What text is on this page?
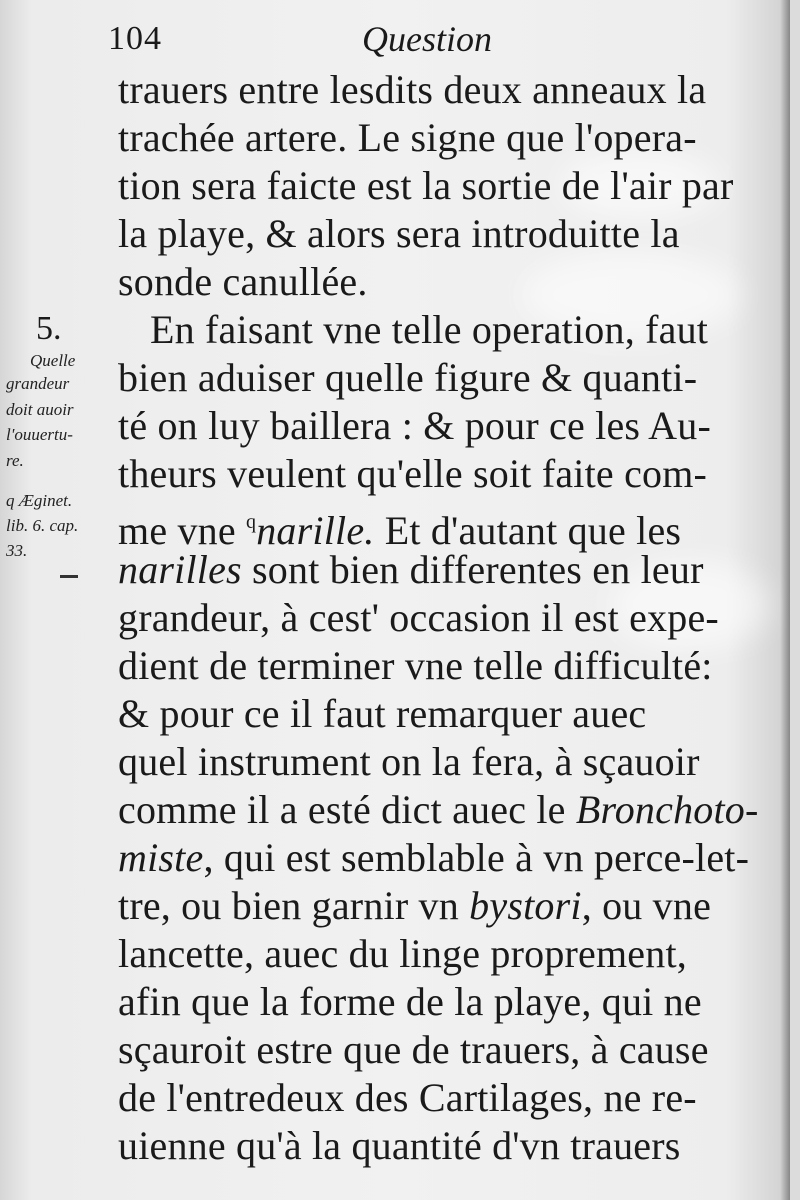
104	Question
5.
Quelle
grandeur
doit auoir
l'ouuertu-
re.
q Æginet.
lib. 6. cap.
33.
trauers entre lesdits deux anneaux la
trachée artere. Le signe que l'opera-
tion sera faicte est la sortie de l'air par
la playe, & alors sera introduitte la
sonde canullée.
En faisant vne telle operation, faut
bien aduiser quelle figure & quanti-
té on luy baillera : & pour ce les Au-
theurs veulent qu'elle soit faite com-
me vne $^q$narille. Et d'autant que les
narilles sont bien differentes en leur
grandeur, à cest' occasion il est expe-
dient de terminer vne telle difficulté:
& pour ce il faut remarquer auec
quel instrument on la fera, à sçauoir
comme il a esté dict auec le Bronchoto-
miste, qui est semblable à vn perce-let-
tre, ou bien garnir vn bystori, ou vne
lancette, auec du linge proprement,
afin que la forme de la playe, qui ne
sçauroit estre que de trauers, à cause
de l'entredeux des Cartilages, ne re-
uienne qu'à la quantité d'vn trauers
